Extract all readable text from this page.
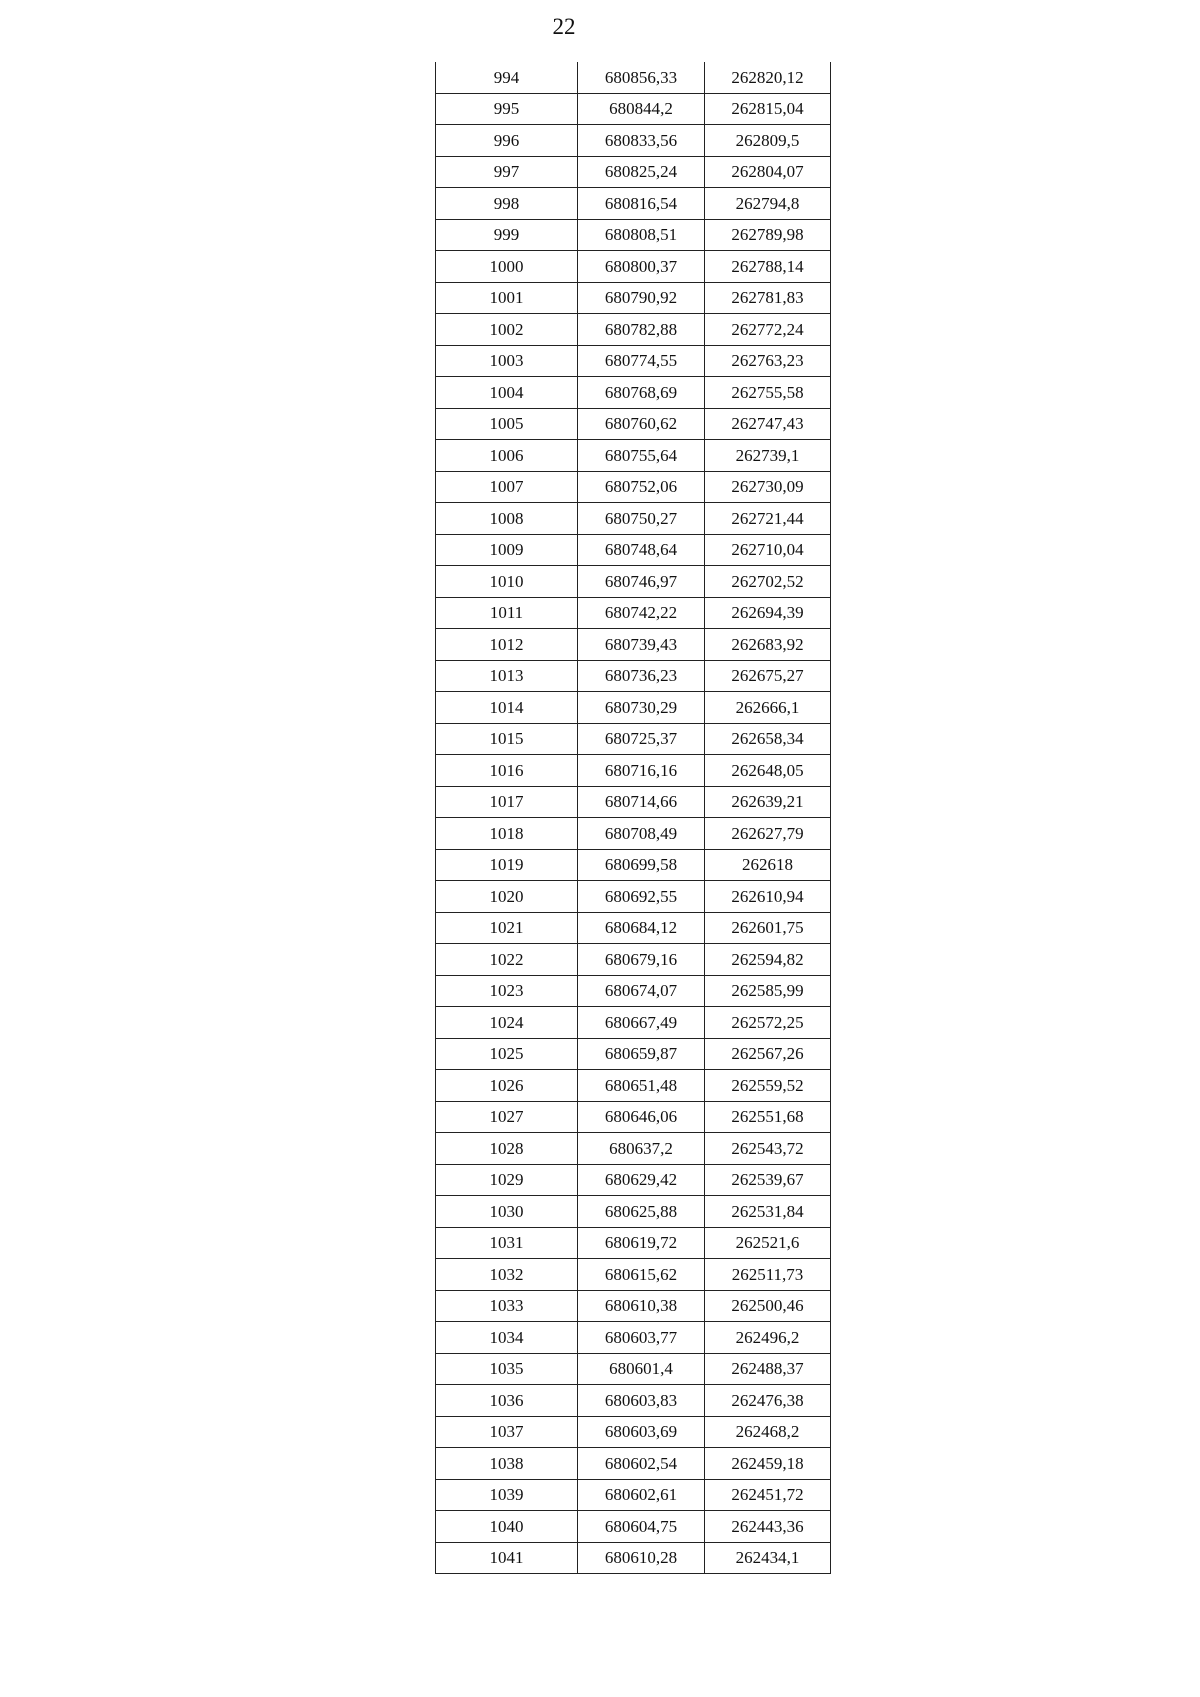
22
994	680856,33	262820,12
995	680844,2	262815,04
996	680833,56	262809,5
997	680825,24	262804,07
998	680816,54	262794,8
999	680808,51	262789,98
1000	680800,37	262788,14
1001	680790,92	262781,83
1002	680782,88	262772,24
1003	680774,55	262763,23
1004	680768,69	262755,58
1005	680760,62	262747,43
1006	680755,64	262739,1
1007	680752,06	262730,09
1008	680750,27	262721,44
1009	680748,64	262710,04
1010	680746,97	262702,52
1011	680742,22	262694,39
1012	680739,43	262683,92
1013	680736,23	262675,27
1014	680730,29	262666,1
1015	680725,37	262658,34
1016	680716,16	262648,05
1017	680714,66	262639,21
1018	680708,49	262627,79
1019	680699,58	262618
1020	680692,55	262610,94
1021	680684,12	262601,75
1022	680679,16	262594,82
1023	680674,07	262585,99
1024	680667,49	262572,25
1025	680659,87	262567,26
1026	680651,48	262559,52
1027	680646,06	262551,68
1028	680637,2	262543,72
1029	680629,42	262539,67
1030	680625,88	262531,84
1031	680619,72	262521,6
1032	680615,62	262511,73
1033	680610,38	262500,46
1034	680603,77	262496,2
1035	680601,4	262488,37
1036	680603,83	262476,38
1037	680603,69	262468,2
1038	680602,54	262459,18
1039	680602,61	262451,72
1040	680604,75	262443,36
1041	680610,28	262434,1
